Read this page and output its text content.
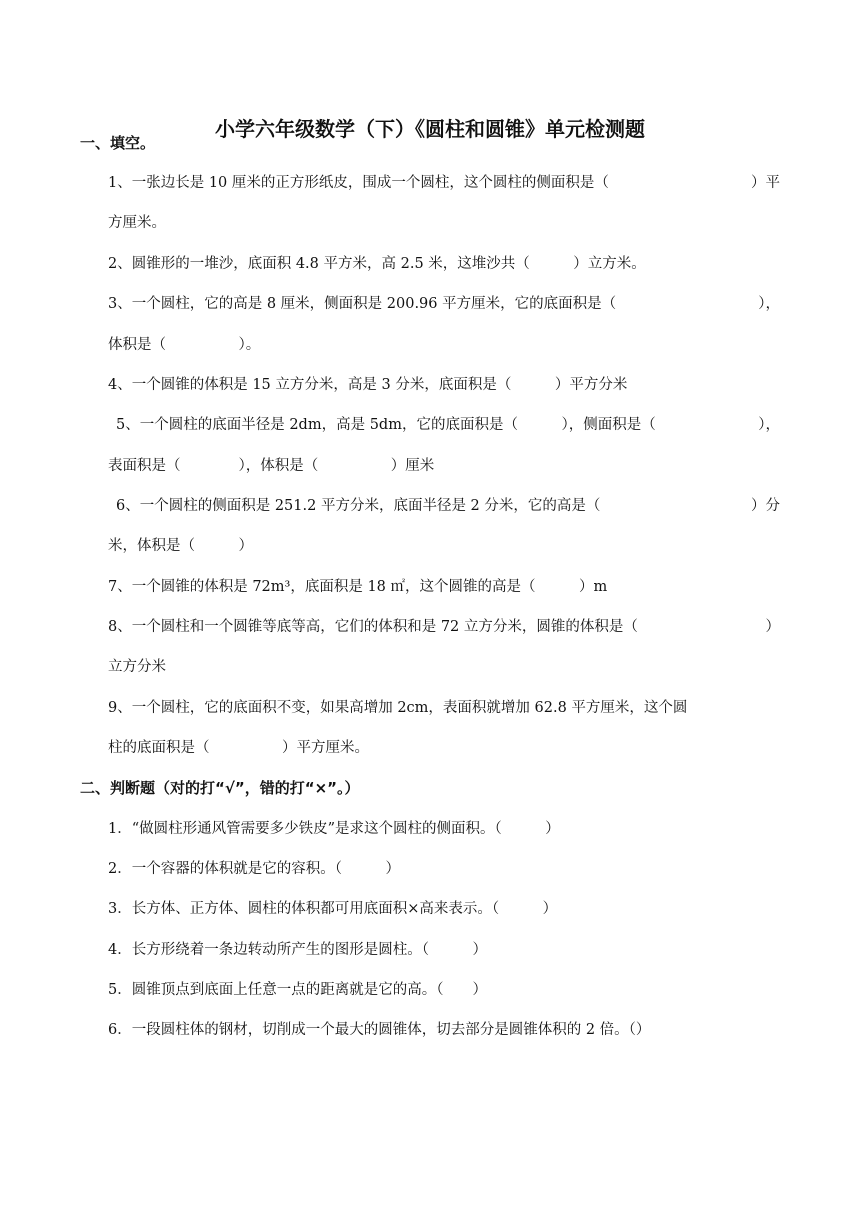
小学六年级数学（下）《圆柱和圆锥》单元检测题
一、填空。
1、一张边长是 10 厘米的正方形纸皮，围成一个圆柱，这个圆柱的侧面积是（	）平
方厘米。
2、圆锥形的一堆沙，底面积 4.8 平方米，高 2.5 米，这堆沙共（　　　）立方米。
3、一个圆柱，它的高是 8 厘米，侧面积是 200.96 平方厘米，它的底面积是（	），
体积是（　　　　　）。
4、一个圆锥的体积是 15 立方分米，高是 3 分米，底面积是（　　　）平方分米
5、一个圆柱的底面半径是 2dm，高是 5dm，它的底面积是（　　　），侧面积是（	），
表面积是（　　　　），体积是（　　　　　）厘米
6、一个圆柱的侧面积是 251.2 平方分米，底面半径是 2 分米，它的高是（	）分
米，体积是（　　　）
7、一个圆锥的体积是 72m³，底面积是 18 ㎡，这个圆锥的高是（　　　）m
8、一个圆柱和一个圆锥等底等高，它们的体积和是 72 立方分米，圆锥的体积是（	）
立方分米
9、一个圆柱，它的底面积不变，如果高增加 2cm，表面积就增加 62.8 平方厘米，这个圆
柱的底面积是（　　　　　）平方厘米。
二、判断题（对的打“√”，错的打“×”。）
1．“做圆柱形通风管需要多少铁皮”是求这个圆柱的侧面积。（　　　）
2．一个容器的体积就是它的容积。（　　　）
3．长方体、正方体、圆柱的体积都可用底面积×高来表示。（　　　）
4．长方形绕着一条边转动所产生的图形是圆柱。（　　　）
5．圆锥顶点到底面上任意一点的距离就是它的高。（　　）
6．一段圆柱体的钢材，切削成一个最大的圆锥体，切去部分是圆锥体积的 2 倍。（）
